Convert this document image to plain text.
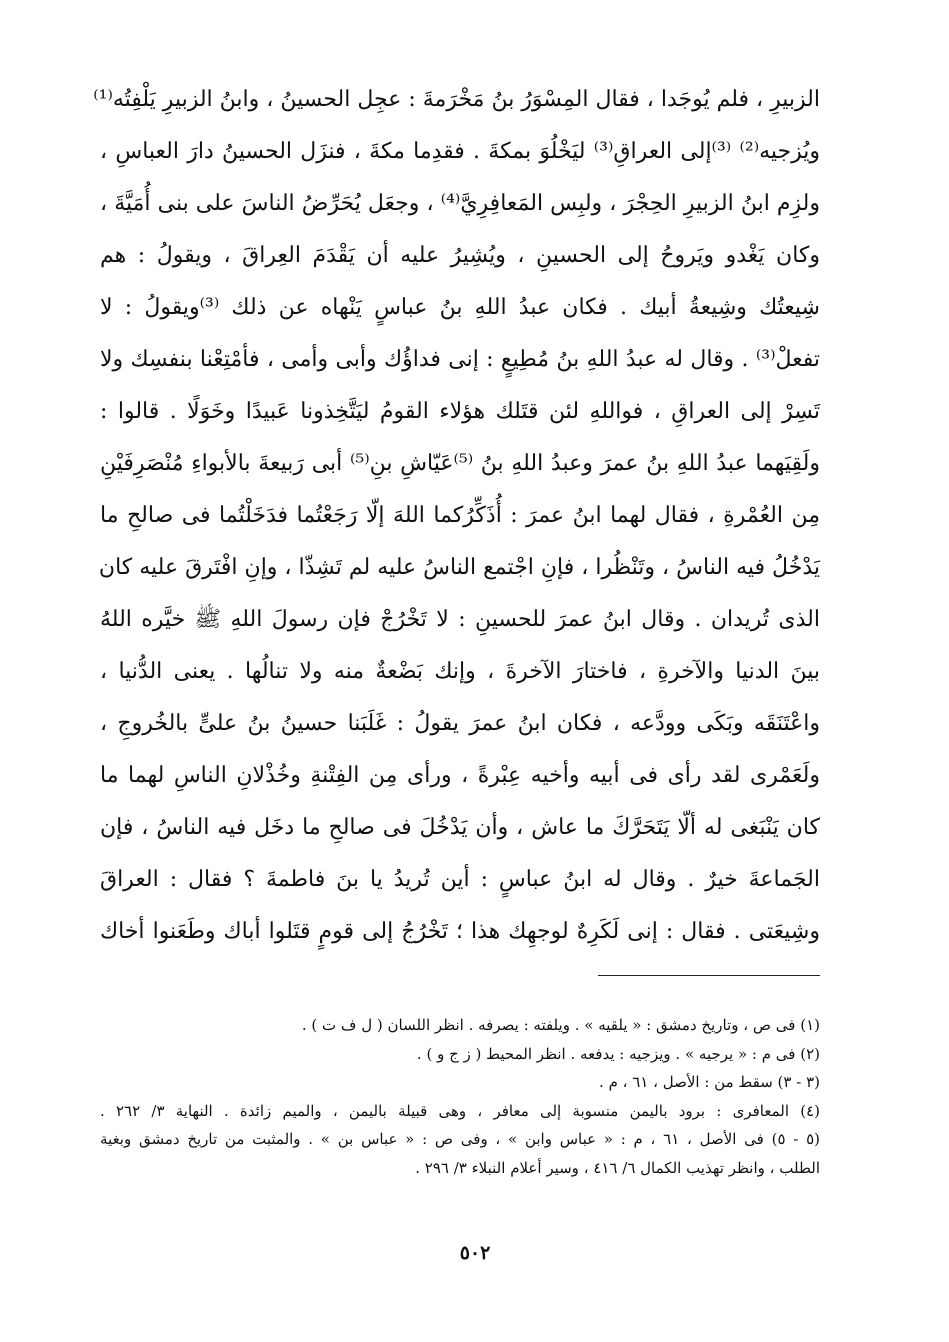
الزبيرِ ، فلم يُوجَدا ، فقال المِسْوَرُ بنُ مَخْرَمةَ : عجِل الحسينُ ، وابنُ الزبيرِ يَلْفِتُه⁽¹⁾
ويُزجيه⁽²⁾ ⁽³⁾إلى العراقِ⁽³⁾ ليَخْلُوَ بمكةَ . فقدِما مكةَ ، فنزَل الحسينُ دارَ العباسِ ،
ولزِم ابنُ الزبيرِ الحِجْرَ ، ولبِس المَعافِرِيَّ⁽⁴⁾ ، وجعَل يُحَرِّضُ الناسَ على بنى أُمَيَّةَ ،
وكان يَغْدو ويَروحُ إلى الحسينِ ، ويُشِيرُ عليه أن يَقْدَمَ العِراقَ ، ويقولُ : هم
شِيعتُك وشِيعةُ أبيك . فكان عبدُ اللهِ بنُ عباسٍ يَنْهاه عن ذلك ⁽³⁾ويقولُ : لا
تفعلْ⁽³⁾ . وقال له عبدُ اللهِ بنُ مُطِيعٍ : إنى فداؤُك وأبى وأمى ، فأمْتِعْنا بنفسِك ولا
تَسِرْ إلى العراقِ ، فواللهِ لئن قتَلك هؤلاء القومُ ليَتَّخِذونا عَبيدًا وخَوَلًا . قالوا :
ولَقِيَهما عبدُ اللهِ بنُ عمرَ وعبدُ اللهِ بنُ ⁽⁵⁾عَيّاشِ بنِ⁽⁵⁾ أبى رَبيعةَ بالأبواءِ مُنْصَرِفَيْنِ
مِن العُمْرةِ ، فقال لهما ابنُ عمرَ : أُذَكِّرُكما اللهَ إلّا رَجَعْتُما فدَخَلْتُما فى صالحِ ما
يَدْخُلُ فيه الناسُ ، وتَنْظُرا ، فإنِ اجْتمع الناسُ عليه لم تَشِذّا ، وإنِ افْتَرقَ عليه كان
الذى تُريدان . وقال ابنُ عمرَ للحسينِ : لا تَخْرُجْ فإن رسولَ اللهِ ﷺ خيَّره اللهُ
بينَ الدنيا والآخرةِ ، فاختارَ الآخرةَ ، وإنك بَضْعةٌ منه ولا تنالُها . يعنى الدُّنيا ،
واعْتَنَقَه وبَكَى وودَّعه ، فكان ابنُ عمرَ يقولُ : غَلَبَنا حسينُ بنُ علىٍّ بالخُروجِ ،
ولَعَمْرى لقد رأى فى أبيه وأخيه عِبْرةً ، ورأى مِن الفِتْنةِ وخُذْلانِ الناسِ لهما ما
كان يَنْبَغى له ألّا يَتَحَرَّكَ ما عاش ، وأن يَدْخُلَ فى صالحِ ما دخَل فيه الناسُ ، فإن
الجَماعةَ خيرٌ . وقال له ابنُ عباسٍ : أين تُريدُ يا بنَ فاطمةَ ؟ فقال : العراقَ
وشِيعَتى . فقال : إنى لَكَرِهٌ لوجهِك هذا ؛ تَخْرُجُ إلى قومٍ قتَلوا أباك وطَعَنوا أخاك
(١) فى ص ، وتاريخ دمشق : « يلقيه » . ويلفته : يصرفه . انظر اللسان ( ل ف ت ) .
(٢) فى م : « يرجيه » . ويزجيه : يدفعه . انظر المحيط ( ز ج و ) .
(٣ - ٣) سقط من : الأصل ، ٦١ ، م .
(٤) المعافرى : برود باليمن منسوبة إلى معافر ، وهى قبيلة باليمن ، والميم زائدة . النهاية ٣/ ٢٦٢ .
(٥ - ٥) فى الأصل ، ٦١ ، م : « عباس وابن » ، وفى ص : « عباس بن » . والمثبت من تاريخ دمشق وبغية
الطلب ، وانظر تهذيب الكمال ٦/ ٤١٦ ، وسير أعلام النبلاء ٣/ ٢٩٦ .
٥٠٢
